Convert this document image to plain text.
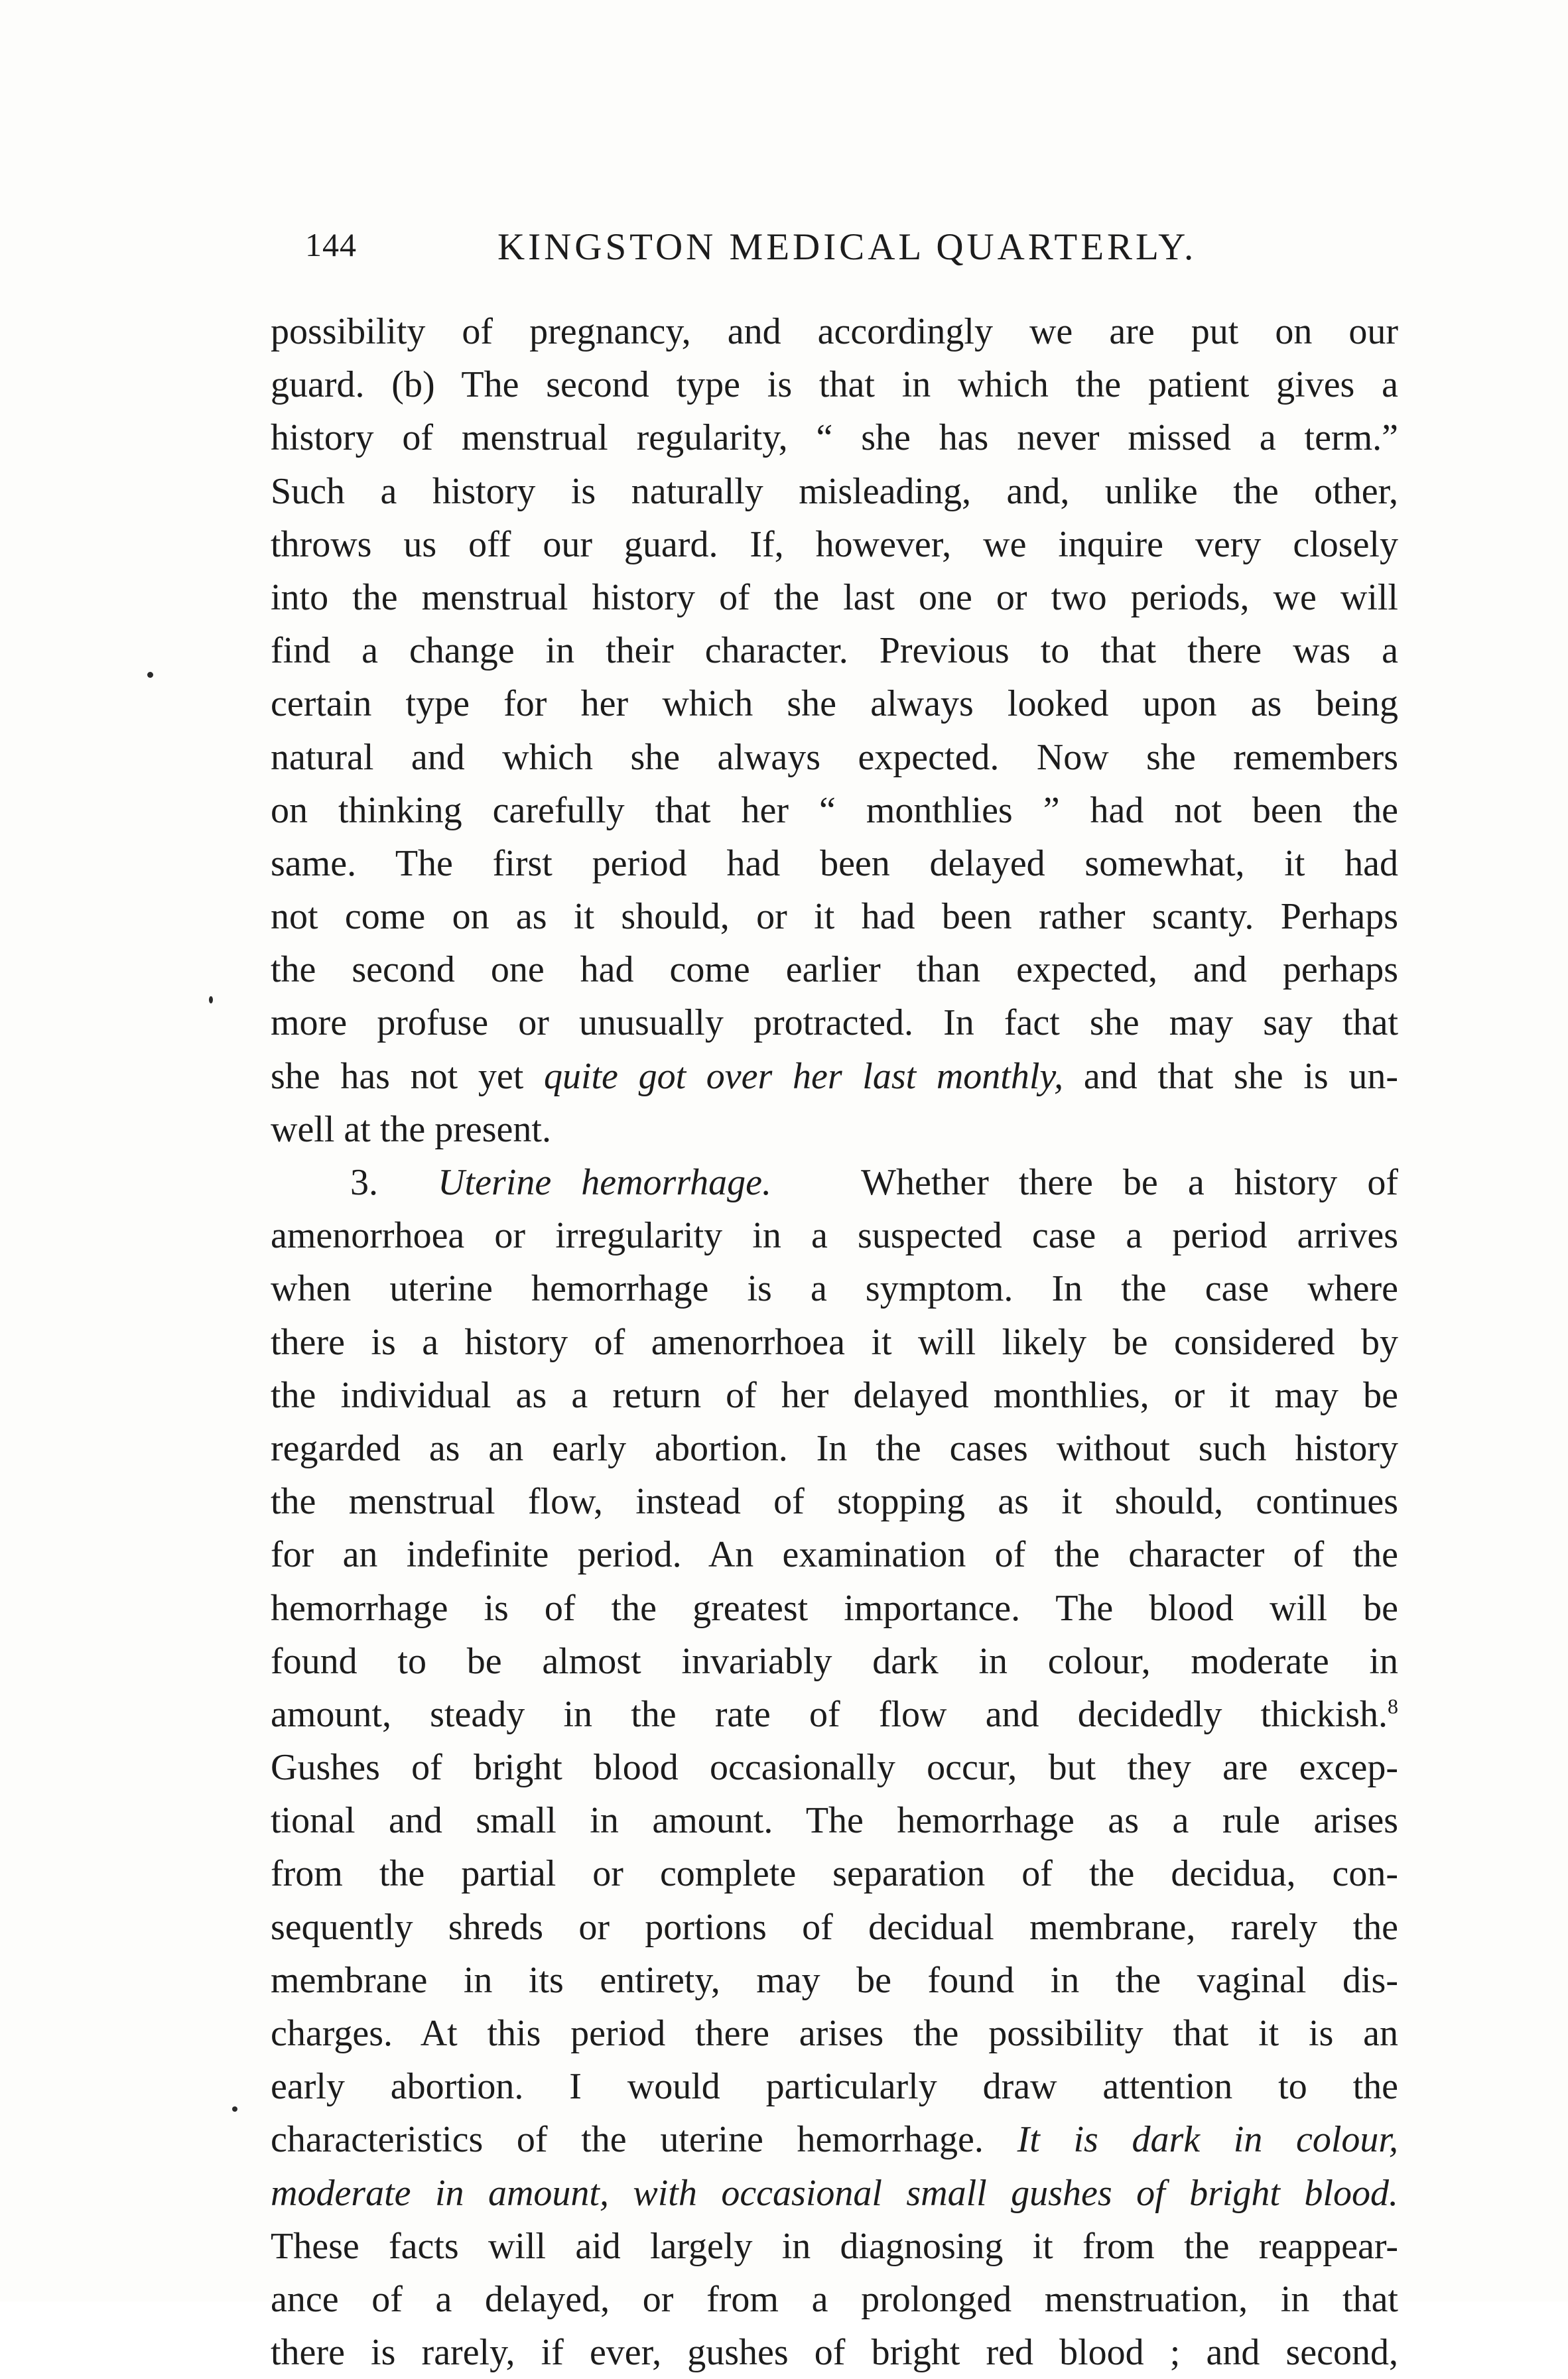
144	KINGSTON MEDICAL QUARTERLY.
possibility of pregnancy, and accordingly we are put on our
guard. (b) The second type is that in which the patient gives a
history of menstrual regularity, “ she has never missed a term.”
Such a history is naturally misleading, and, unlike the other,
throws us off our guard. If, however, we inquire very closely
into the menstrual history of the last one or two periods, we will
find a change in their character. Previous to that there was a
certain type for her which she always looked upon as being
natural and which she always expected. Now she remembers
on thinking carefully that her “ monthlies ” had not been the
same. The first period had been delayed somewhat, it had
not come on as it should, or it had been rather scanty. Perhaps
the second one had come earlier than expected, and perhaps
more profuse or unusually protracted. In fact she may say that
she has not yet quite got over her last monthly, and that she is un-
well at the present.
3. Uterine hemorrhage. Whether there be a history of
amenorrhoea or irregularity in a suspected case a period arrives
when uterine hemorrhage is a symptom. In the case where
there is a history of amenorrhoea it will likely be considered by
the individual as a return of her delayed monthlies, or it may be
regarded as an early abortion. In the cases without such history
the menstrual flow, instead of stopping as it should, continues
for an indefinite period. An examination of the character of the
hemorrhage is of the greatest importance. The blood will be
found to be almost invariably dark in colour, moderate in
amount, steady in the rate of flow and decidedly thickish.$^8$
Gushes of bright blood occasionally occur, but they are excep-
tional and small in amount. The hemorrhage as a rule arises
from the partial or complete separation of the decidua, con-
sequently shreds or portions of decidual membrane, rarely the
membrane in its entirety, may be found in the vaginal dis-
charges. At this period there arises the possibility that it is an
early abortion. I would particularly draw attention to the
characteristics of the uterine hemorrhage. It is dark in colour,
moderate in amount, with occasional small gushes of bright blood.
These facts will aid largely in diagnosing it from the reappear-
ance of a delayed, or from a prolonged menstruation, in that
there is rarely, if ever, gushes of bright red blood ; and second,
